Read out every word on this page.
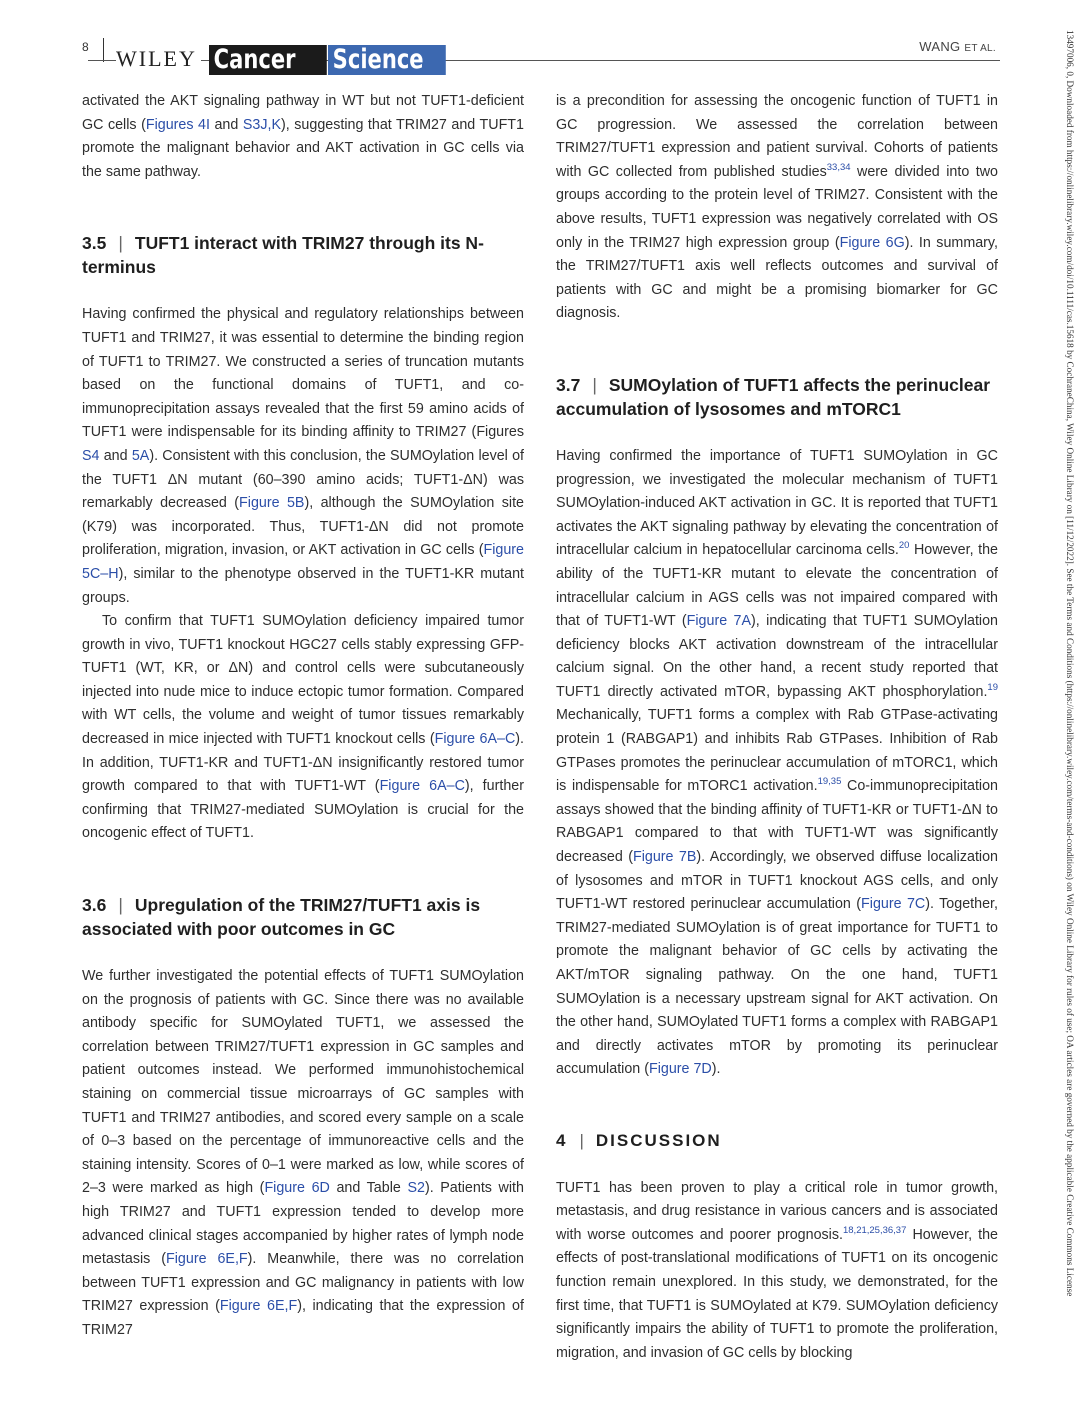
8 WILEY Cancer	Science	WANG ET AL.

activated the AKT signaling pathway in WT but not TUFT1-deficient GC cells (Figures 4I and S3J,K), suggesting that TRIM27 and TUFT1 promote the malignant behavior and AKT activation in GC cells via the same pathway.

3.5 | TUFT1 interact with TRIM27 through its N-terminus

Having confirmed the physical and regulatory relationships between TUFT1 and TRIM27, it was essential to determine the binding region of TUFT1 to TRIM27. We constructed a series of truncation mutants based on the functional domains of TUFT1, and co-immunoprecipitation assays revealed that the first 59 amino acids of TUFT1 were indispensable for its binding affinity to TRIM27 (Figures S4 and 5A). Consistent with this conclusion, the SUMOylation level of the TUFT1 ΔN mutant (60–390 amino acids; TUFT1-ΔN) was remarkably decreased (Figure 5B), although the SUMOylation site (K79) was incorporated. Thus, TUFT1-ΔN did not promote proliferation, migration, invasion, or AKT activation in GC cells (Figure 5C–H), similar to the phenotype observed in the TUFT1-KR mutant groups.

To confirm that TUFT1 SUMOylation deficiency impaired tumor growth in vivo, TUFT1 knockout HGC27 cells stably expressing GFP-TUFT1 (WT, KR, or ΔN) and control cells were subcutaneously injected into nude mice to induce ectopic tumor formation. Compared with WT cells, the volume and weight of tumor tissues remarkably decreased in mice injected with TUFT1 knockout cells (Figure 6A–C). In addition, TUFT1-KR and TUFT1-ΔN insignificantly restored tumor growth compared to that with TUFT1-WT (Figure 6A–C), further confirming that TRIM27-mediated SUMOylation is crucial for the oncogenic effect of TUFT1.

3.6 | Upregulation of the TRIM27/TUFT1 axis is associated with poor outcomes in GC

We further investigated the potential effects of TUFT1 SUMOylation on the prognosis of patients with GC. Since there was no available antibody specific for SUMOylated TUFT1, we assessed the correlation between TRIM27/TUFT1 expression in GC samples and patient outcomes instead. We performed immunohistochemical staining on commercial tissue microarrays of GC samples with TUFT1 and TRIM27 antibodies, and scored every sample on a scale of 0–3 based on the percentage of immunoreactive cells and the staining intensity. Scores of 0–1 were marked as low, while scores of 2–3 were marked as high (Figure 6D and Table S2). Patients with high TRIM27 and TUFT1 expression tended to develop more advanced clinical stages accompanied by higher rates of lymph node metastasis (Figure 6E,F). Meanwhile, there was no correlation between TUFT1 expression and GC malignancy in patients with low TRIM27 expression (Figure 6E,F), indicating that the expression of TRIM27

is a precondition for assessing the oncogenic function of TUFT1 in GC progression. We assessed the correlation between TRIM27/TUFT1 expression and patient survival. Cohorts of patients with GC collected from published studies$^{33,34}$ were divided into two groups according to the protein level of TRIM27. Consistent with the above results, TUFT1 expression was negatively correlated with OS only in the TRIM27 high expression group (Figure 6G). In summary, the TRIM27/TUFT1 axis well reflects outcomes and survival of patients with GC and might be a promising biomarker for GC diagnosis.

3.7 | SUMOylation of TUFT1 affects the perinuclear accumulation of lysosomes and mTORC1

Having confirmed the importance of TUFT1 SUMOylation in GC progression, we investigated the molecular mechanism of TUFT1 SUMOylation-induced AKT activation in GC. It is reported that TUFT1 activates the AKT signaling pathway by elevating the concentration of intracellular calcium in hepatocellular carcinoma cells.$^{20}$ However, the ability of the TUFT1-KR mutant to elevate the concentration of intracellular calcium in AGS cells was not impaired compared with that of TUFT1-WT (Figure 7A), indicating that TUFT1 SUMOylation deficiency blocks AKT activation downstream of the intracellular calcium signal. On the other hand, a recent study reported that TUFT1 directly activated mTOR, bypassing AKT phosphorylation.$^{19}$ Mechanically, TUFT1 forms a complex with Rab GTPase-activating protein 1 (RABGAP1) and inhibits Rab GTPases. Inhibition of Rab GTPases promotes the perinuclear accumulation of mTORC1, which is indispensable for mTORC1 activation.$^{19,35}$ Co-immunoprecipitation assays showed that the binding affinity of TUFT1-KR or TUFT1-ΔN to RABGAP1 compared to that with TUFT1-WT was significantly decreased (Figure 7B). Accordingly, we observed diffuse localization of lysosomes and mTOR in TUFT1 knockout AGS cells, and only TUFT1-WT restored perinuclear accumulation (Figure 7C). Together, TRIM27-mediated SUMOylation is of great importance for TUFT1 to promote the malignant behavior of GC cells by activating the AKT/mTOR signaling pathway. On the one hand, TUFT1 SUMOylation is a necessary upstream signal for AKT activation. On the other hand, SUMOylated TUFT1 forms a complex with RABGAP1 and directly activates mTOR by promoting its perinuclear accumulation (Figure 7D).

4 | DISCUSSION

TUFT1 has been proven to play a critical role in tumor growth, metastasis, and drug resistance in various cancers and is associated with worse outcomes and poorer prognosis.$^{18,21,25,36,37}$ However, the effects of post-translational modifications of TUFT1 on its oncogenic function remain unexplored. In this study, we demonstrated, for the first time, that TUFT1 is SUMOylated at K79. SUMOylation deficiency significantly impairs the ability of TUFT1 to promote the proliferation, migration, and invasion of GC cells by blocking

13497006, 0, Downloaded from https://onlinelibrary.wiley.com/doi/10.1111/cas.15618 by CochraneChina, Wiley Online Library on [11/12/2022]. See the Terms and Conditions (https://onlinelibrary.wiley.com/terms-and-conditions) on Wiley Online Library for rules of use; OA articles are governed by the applicable Creative Commons License
